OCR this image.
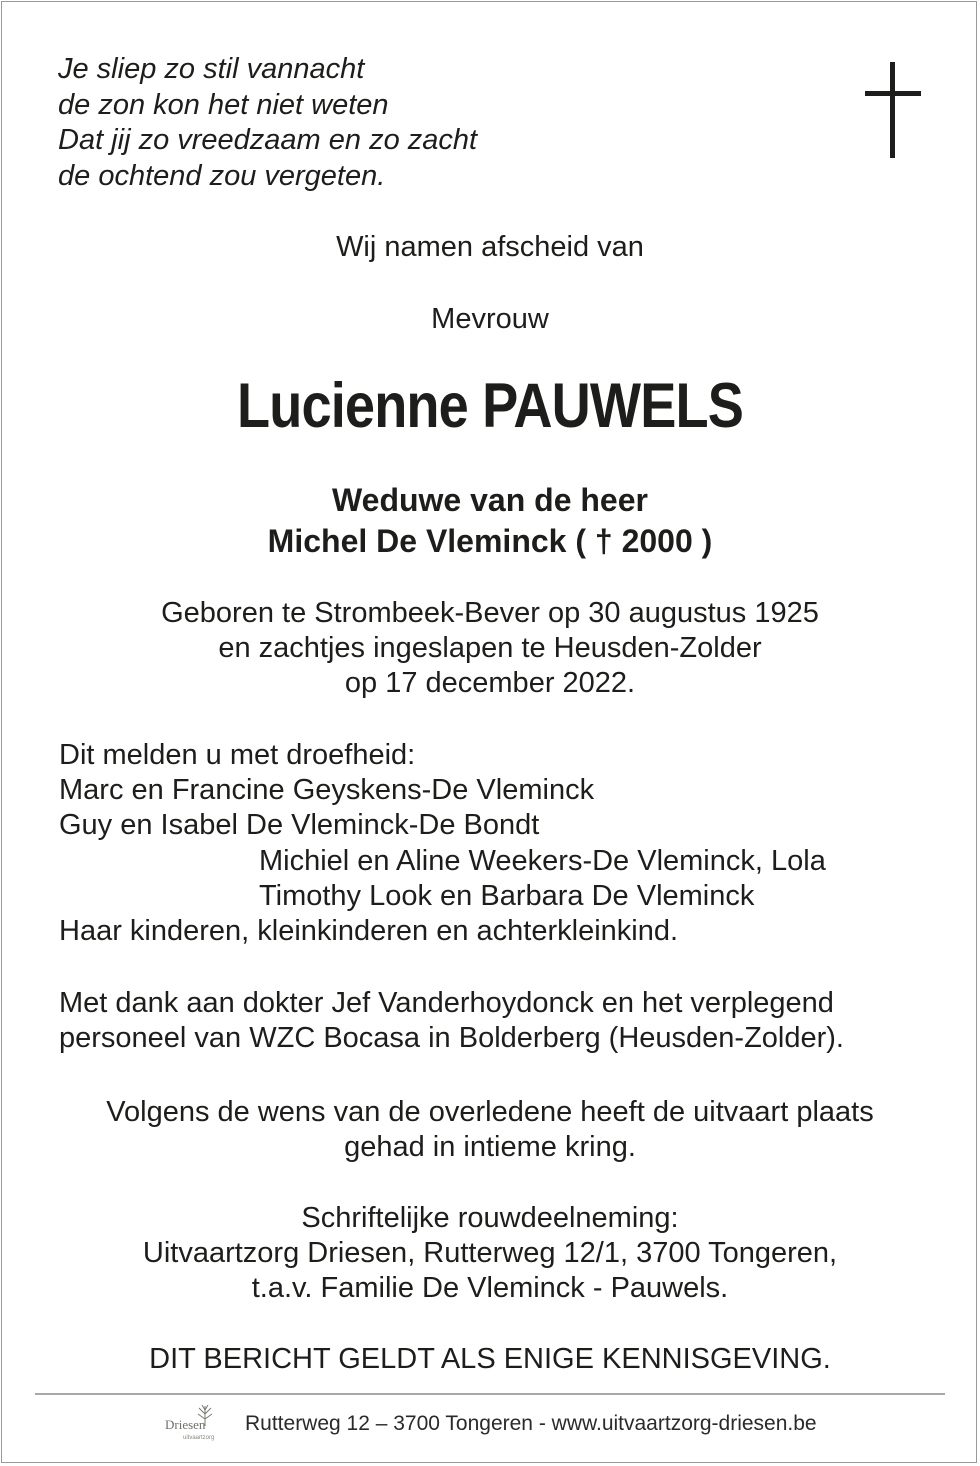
Je sliep zo stil vannacht
de zon kon het niet weten
Dat jij zo vreedzaam en zo zacht
de ochtend zou vergeten.
Wij namen afscheid van
Mevrouw
Lucienne PAUWELS
Weduwe van de heer
Michel De Vleminck ( † 2000 )
Geboren te Strombeek-Bever op 30 augustus 1925
en zachtjes ingeslapen te Heusden-Zolder
op 17 december 2022.
Dit melden u met droefheid:
Marc en Francine Geyskens-De Vleminck
Guy en Isabel De Vleminck-De Bondt
Michiel en Aline Weekers-De Vleminck, Lola
Timothy Look en Barbara De Vleminck
Haar kinderen, kleinkinderen en achterkleinkind.
Met dank aan dokter Jef Vanderhoydonck en het verplegend
personeel van WZC Bocasa in Bolderberg (Heusden-Zolder).
Volgens de wens van de overledene heeft de uitvaart plaats
gehad in intieme kring.
Schriftelijke rouwdeelneming:
Uitvaartzorg Driesen, Rutterweg 12/1, 3700 Tongeren,
t.a.v. Familie De Vleminck - Pauwels.
DIT BERICHT GELDT ALS ENIGE KENNISGEVING.
Driesen
uitvaartzorg
Rutterweg 12 – 3700 Tongeren - www.uitvaartzorg-driesen.be
